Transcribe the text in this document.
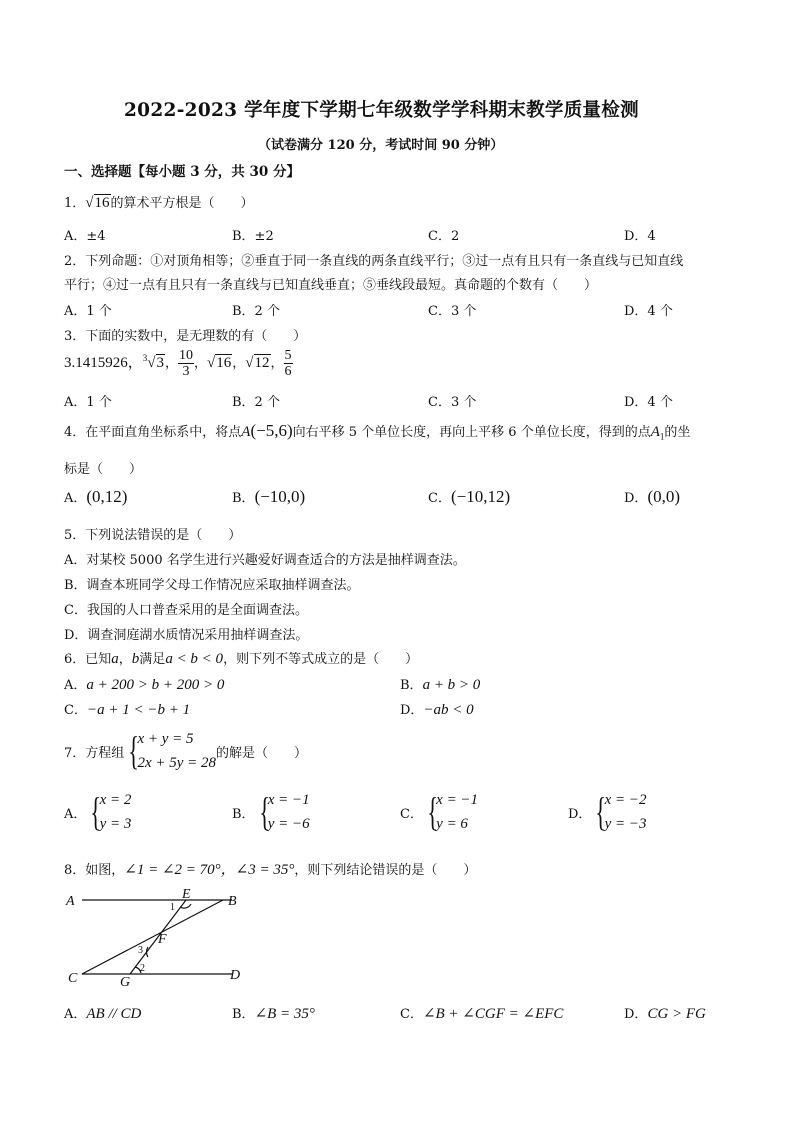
2022-2023 学年度下学期七年级数学学科期末教学质量检测
（试卷满分 120 分，考试时间 90 分钟）
一、选择题【每小题 3 分，共 30 分】
1．√16的算术平方根是（　　）
A．±4	B．±2	C．2	D．4
2．下列命题：①对顶角相等；②垂直于同一条直线的两条直线平行；③过一点有且只有一条直线与已知直线
平行；④过一点有且只有一条直线与已知直线垂直；⑤垂线段最短。真命题的个数有（　　）
A．1 个	B．2 个	C．3 个	D．4 个
3．下面的实数中，是无理数的有（　　）
3.1415926，$^3$√3， $\frac{10}{3}$ ，√16，√12， $\frac{5}{6}$
A．1 个	B．2 个	C．3 个	D．4 个
4．在平面直角坐标系中，将点A(−5,6)向右平移 5 个单位长度，再向上平移 6 个单位长度，得到的点$A_1$的坐
标是（　　）
A．(0,12)	B．(−10,0)	C．(−10,12)	D．(0,0)
5．下列说法错误的是（　　）
A．对某校 5000 名学生进行兴趣爱好调查适合的方法是抽样调查法。
B．调查本班同学父母工作情况应采取抽样调查法。
C．我国的人口普查采用的是全面调查法。
D．调查洞庭湖水质情况采用抽样调查法。
6．已知a，b满足a < b < 0，则下列不等式成立的是（　　）
A．a + 200 > b + 200 > 0	B．a + b > 0
C．−a + 1 < −b + 1	D．−ab < 0
7．方程组 {
x + y = 5
2x + 5y = 28
的解是（　　）
A． {
x = 2
y = 3
B． {
x = −1
y = −6
C． {
x = −1
y = 6
D． {
x = −2
y = −3
8．如图，∠1 = ∠2 = 70°，∠3 = 35°，则下列结论错误的是（　　）
A	B
C	D
E
F
G
1
2
3
A．AB // CD	B．∠B = 35°	C．∠B + ∠CGF = ∠EFC	D．CG > FG
